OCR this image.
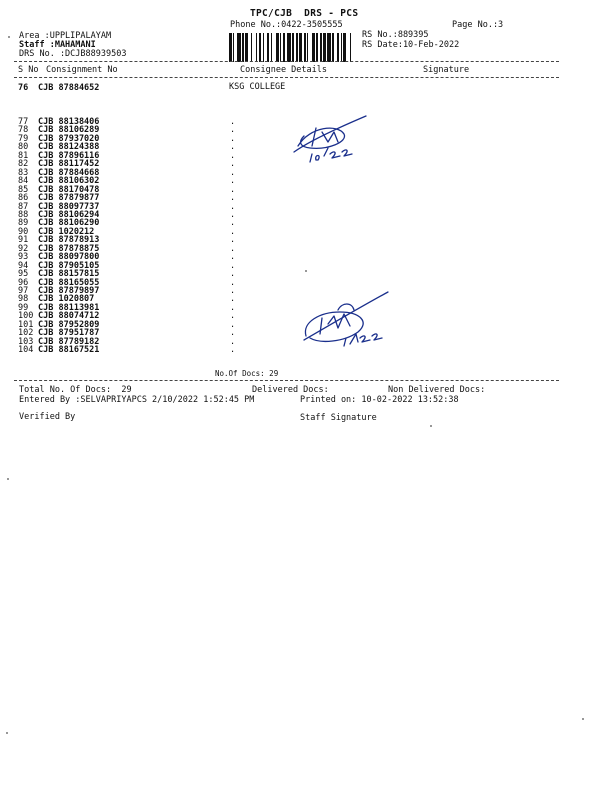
TPC/CJB  DRS - PCS
Phone No.:0422-3505555	Page No.:3
Area :UPPLIPALAYAM
Staff :MAHAMANI
DRS No. :DCJB88939503
RS No.:889395
RS Date:10-Feb-2022
S No Consignment No	Consignee Details	Signature
76 CJB 87884652	KSG COLLEGE
77 CJB 88138406	.
78 CJB 88106289	.
79 CJB 87937020	.
80 CJB 88124388	.
81 CJB 87896116	.
82 CJB 88117452	.
83 CJB 87884668	.
84 CJB 88106302	.
85 CJB 88170478	.
86 CJB 87879877	.
87 CJB 88097737	.
88 CJB 88106294	.
89 CJB 88106290	.
90 CJB 1020212	.
91 CJB 87878913	.
92 CJB 87878875	.
93 CJB 88097800	.
94 CJB 87905105	.
95 CJB 88157815	.
96 CJB 88165055	.
97 CJB 87879897	.
98 CJB 1020807	.
99 CJB 88113981	.
100 CJB 88074712	.
101 CJB 87952809	.
102 CJB 87951787	.
103 CJB 87789182	.
104 CJB 88167521	.
No.Of Docs: 29
Total No. Of Docs:  29	Delivered Docs:	Non Delivered Docs:
Entered By :SELVAPRIYAPCS 2/10/2022 1:52:45 PM	Printed on: 10-02-2022 13:52:38
Verified By	Staff Signature
